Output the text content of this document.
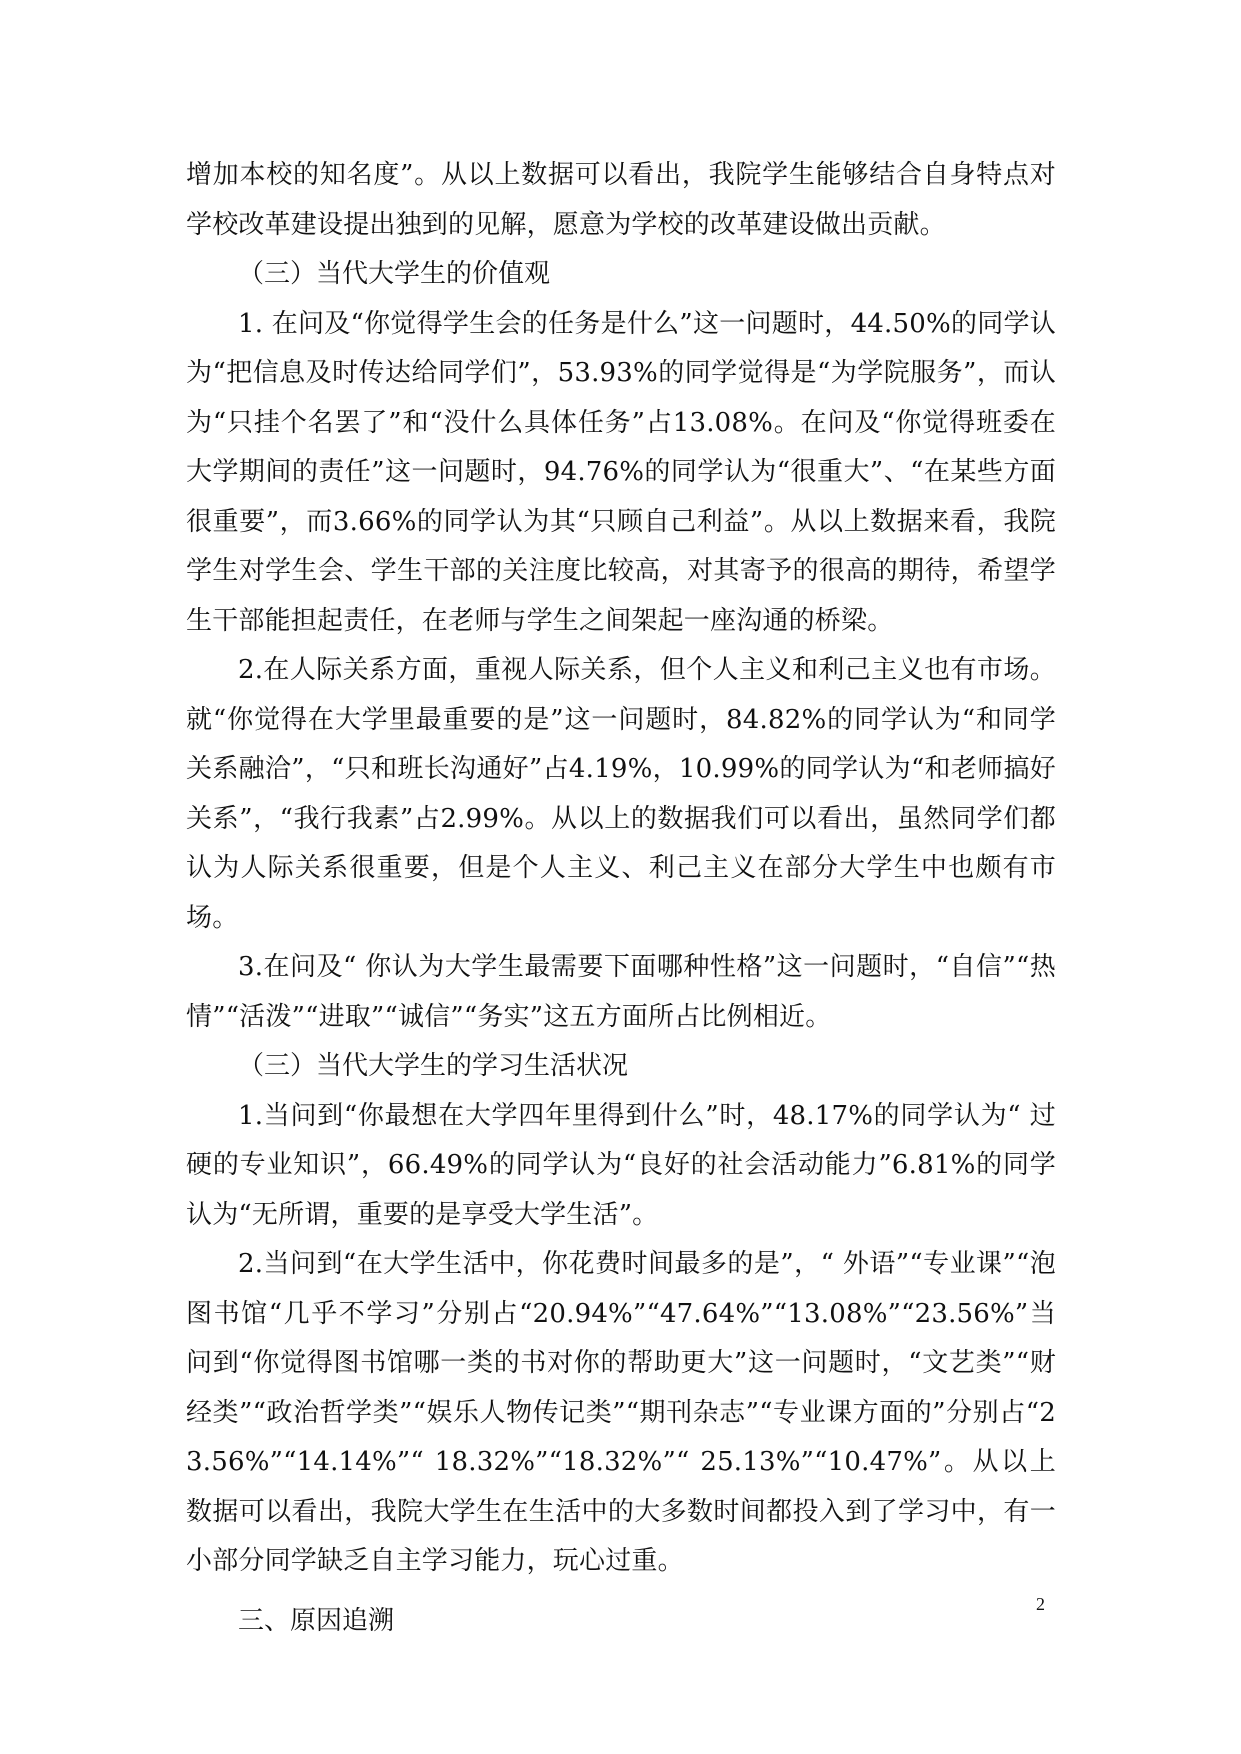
增加本校的知名度”。从以上数据可以看出，我院学生能够结合自身特点对学校改革建设提出独到的见解，愿意为学校的改革建设做出贡献。

（三）当代大学生的价值观

1. 在问及“你觉得学生会的任务是什么”这一问题时，44.50%的同学认为“把信息及时传达给同学们”，53.93%的同学觉得是“为学院服务”，而认为“只挂个名罢了”和“没什么具体任务”占13.08%。在问及“你觉得班委在大学期间的责任”这一问题时，94.76%的同学认为“很重大”、“在某些方面很重要”，而3.66%的同学认为其“只顾自己利益”。从以上数据来看，我院学生对学生会、学生干部的关注度比较高，对其寄予的很高的期待，希望学生干部能担起责任，在老师与学生之间架起一座沟通的桥梁。

2.在人际关系方面，重视人际关系，但个人主义和利己主义也有市场。就“你觉得在大学里最重要的是”这一问题时，84.82%的同学认为“和同学关系融洽”，“只和班长沟通好”占4.19%，10.99%的同学认为“和老师搞好关系”，“我行我素”占2.99%。从以上的数据我们可以看出，虽然同学们都认为人际关系很重要，但是个人主义、利己主义在部分大学生中也颇有市场。

3.在问及“ 你认为大学生最需要下面哪种性格”这一问题时，“自信”“热情”“活泼”“进取”“诚信”“务实”这五方面所占比例相近。

（三）当代大学生的学习生活状况

1.当问到“你最想在大学四年里得到什么”时，48.17%的同学认为“ 过硬的专业知识”，66.49%的同学认为“良好的社会活动能力”6.81%的同学认为“无所谓，重要的是享受大学生活”。

2.当问到“在大学生活中，你花费时间最多的是”，“ 外语”“专业课”“泡图书馆“几乎不学习”分别占“20.94%”“47.64%”“13.08%”“23.56%”当问到“你觉得图书馆哪一类的书对你的帮助更大”这一问题时，“文艺类”“财经类”“政治哲学类”“娱乐人物传记类”“期刊杂志”“专业课方面的”分别占“23.56%”“14.14%”“ 18.32%”“18.32%”“ 25.13%”“10.47%”。从以上数据可以看出，我院大学生在生活中的大多数时间都投入到了学习中，有一小部分同学缺乏自主学习能力，玩心过重。

三、原因追溯

2
